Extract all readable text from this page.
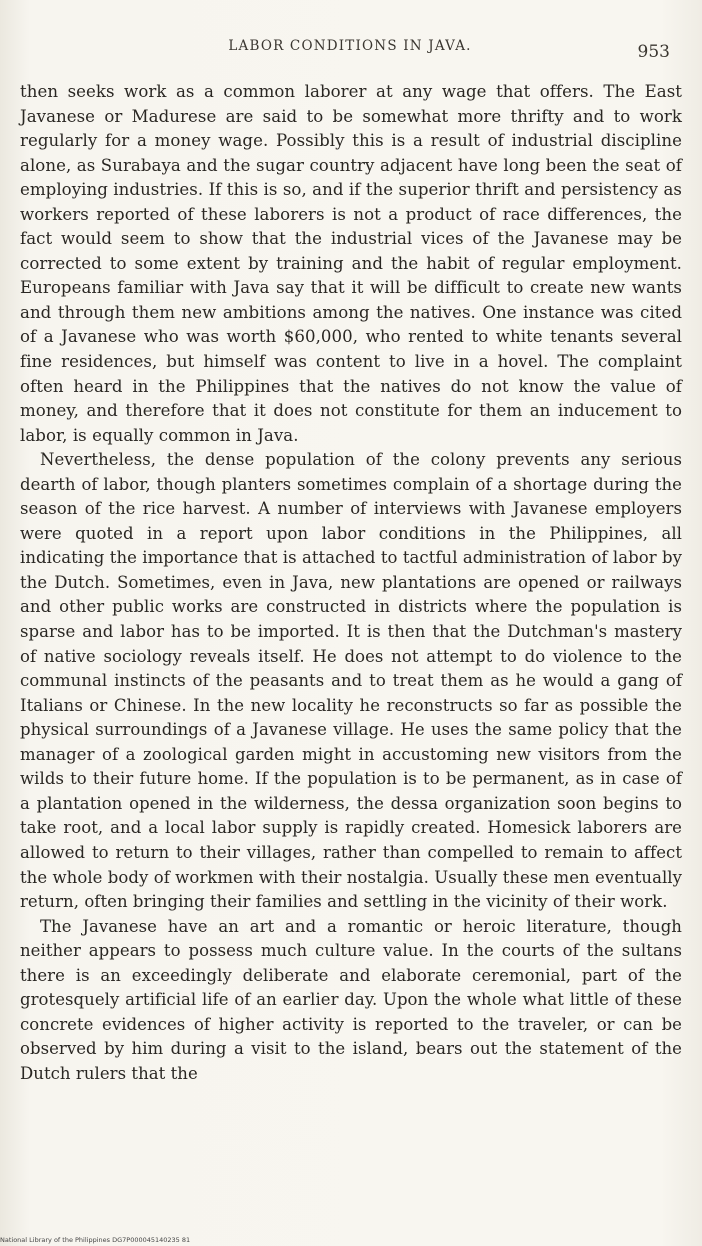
LABOR CONDITIONS IN JAVA.	953

then seeks work as a common laborer at any wage that offers. The East Javanese or Madurese are said to be somewhat more thrifty and to work regularly for a money wage. Possibly this is a result of industrial discipline alone, as Surabaya and the sugar country adjacent have long been the seat of employing industries. If this is so, and if the superior thrift and persistency as workers reported of these laborers is not a product of race differences, the fact would seem to show that the industrial vices of the Javanese may be corrected to some extent by training and the habit of regular employment. Europeans familiar with Java say that it will be difficult to create new wants and through them new ambitions among the natives. One instance was cited of a Javanese who was worth $60,000, who rented to white tenants several fine residences, but himself was content to live in a hovel. The complaint often heard in the Philippines that the natives do not know the value of money, and therefore that it does not constitute for them an inducement to labor, is equally common in Java.

Nevertheless, the dense population of the colony prevents any serious dearth of labor, though planters sometimes complain of a shortage during the season of the rice harvest. A number of interviews with Javanese employers were quoted in a report upon labor conditions in the Philippines, all indicating the importance that is attached to tactful administration of labor by the Dutch. Sometimes, even in Java, new plantations are opened or railways and other public works are constructed in districts where the population is sparse and labor has to be imported. It is then that the Dutchman's mastery of native sociology reveals itself. He does not attempt to do violence to the communal instincts of the peasants and to treat them as he would a gang of Italians or Chinese. In the new locality he reconstructs so far as possible the physical surroundings of a Javanese village. He uses the same policy that the manager of a zoological garden might in accustoming new visitors from the wilds to their future home. If the population is to be permanent, as in case of a plantation opened in the wilderness, the dessa organization soon begins to take root, and a local labor supply is rapidly created. Homesick laborers are allowed to return to their villages, rather than compelled to remain to affect the whole body of workmen with their nostalgia. Usually these men eventually return, often bringing their families and settling in the vicinity of their work.

The Javanese have an art and a romantic or heroic literature, though neither appears to possess much culture value. In the courts of the sultans there is an exceedingly deliberate and elaborate ceremonial, part of the grotesquely artificial life of an earlier day. Upon the whole what little of these concrete evidences of higher activity is reported to the traveler, or can be observed by him during a visit to the island, bears out the statement of the Dutch rulers that the

National Library of the Philippines DG7P000045140235 81
